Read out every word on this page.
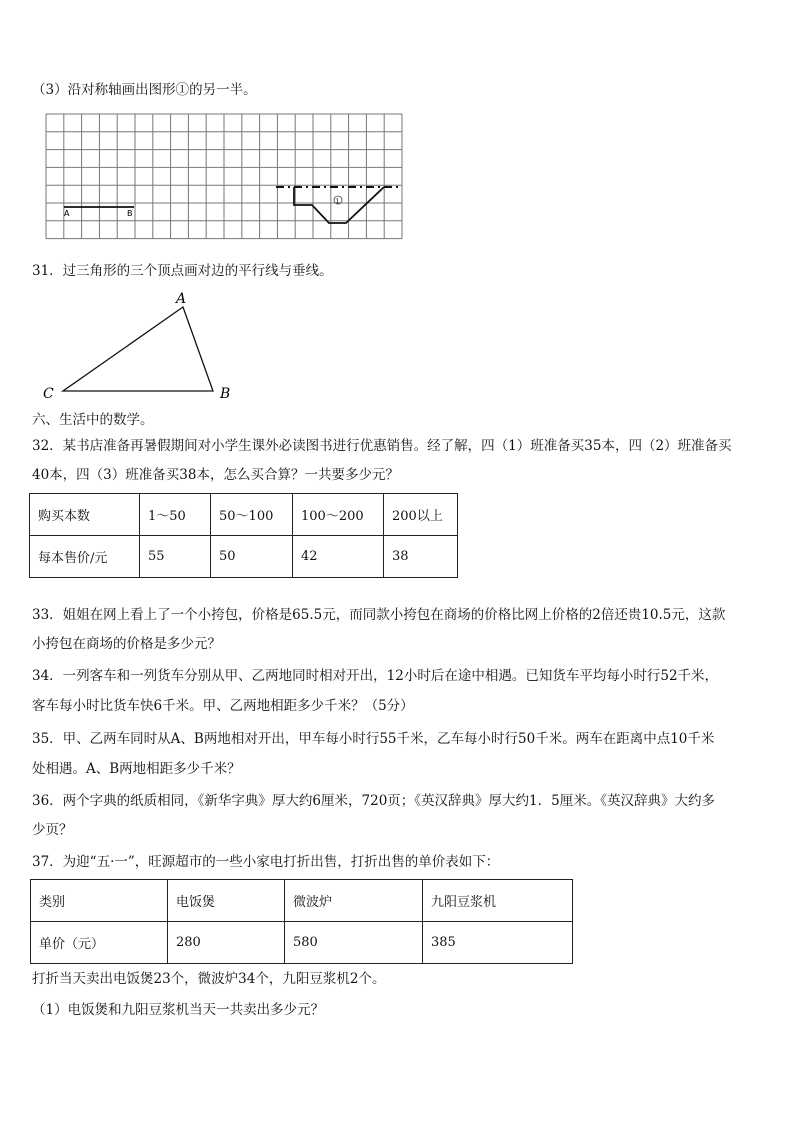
（3）沿对称轴画出图形①的另一半。
A	B
1
31．过三角形的三个顶点画对边的平行线与垂线。
A
B
C
六、生活中的数学。
32．某书店准备再暑假期间对小学生课外必读图书进行优惠销售。经了解，四（1）班准备买35本，四（2）班准备买
40本，四（3）班准备买38本，怎么买合算？一共要多少元？
购买本数	1～50	50～100	100～200	200以上
每本售价/元	55	50	42	38
33．姐姐在网上看上了一个小挎包，价格是65.5元，而同款小挎包在商场的价格比网上价格的2倍还贵10.5元，这款
小挎包在商场的价格是多少元？
34．一列客车和一列货车分别从甲、乙两地同时相对开出，12小时后在途中相遇。已知货车平均每小时行52千米，
客车每小时比货车快6千米。甲、乙两地相距多少千米？（5分）
35．甲、乙两车同时从A、B两地相对开出，甲车每小时行55千米，乙车每小时行50千米。两车在距离中点10千米
处相遇。A、B两地相距多少千米？
36．两个字典的纸质相同，《新华字典》厚大约6厘米，720页；《英汉辞典》厚大约1．5厘米。《英汉辞典》大约多
少页？
37．为迎“五·一”，旺源超市的一些小家电打折出售，打折出售的单价表如下：
类别	电饭煲	微波炉	九阳豆浆机
单价（元）	280	580	385
打折当天卖出电饭煲23个，微波炉34个，九阳豆浆机2个。
（1）电饭煲和九阳豆浆机当天一共卖出多少元？
